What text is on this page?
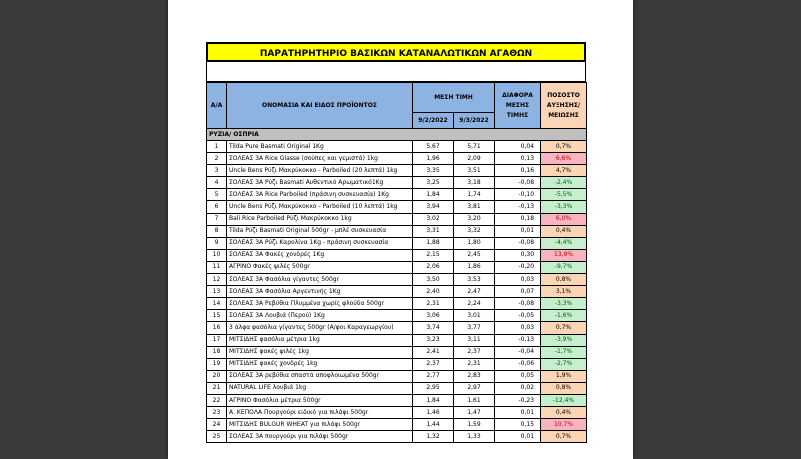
ΠΑΡΑΤΗΡΗΤΗΡΙΟ ΒΑΣΙΚΩΝ ΚΑΤΑΝΑΛΩΤΙΚΩΝ ΑΓΑΘΩΝ
Α/Α	ΟΝΟΜΑΣΙΑ ΚΑΙ ΕΙΔΟΣ ΠΡΟΪΟΝΤΟΣ	ΜΕΣΗ ΤΙΜΗ		ΔΙΑΦΟΡΑ ΜΕΣΗΣ ΤΙΜΗΣ	ΠΟΣΟΣΤΟ ΑΥΞΗΣΗΣ/ ΜΕΙΩΣΗΣ
		9/2/2022	9/3/2022		
ΡΥΖΙΑ/ ΟΣΠΡΙΑ					
1	Tilda Pure Basmati Original 1Kg	5,67	5,71	0,04	0,7%
2	ΣΟΛΕΑΣ 3Α Rice Glasse (σούπες και γεμιστά) 1kg	1,96	2,09	0,13	6,6%
3	Uncle Bens Ρύζι Μακρύκοκκο - Parboiled (20 λεπτά) 1kg	3,35	3,51	0,16	4,7%
4	ΣΟΛΕΑΣ 3Α Ρύζι Basmati Αυθεντικό Αρωματικό1Kg	3,25	3,18	-0,08	-2,4%
5	ΣΟΛΕΑΣ 3Α Rice Parboiled (πράσινη συσκευασία) 1Kg	1,84	1,74	-0,10	-5,5%
6	Uncle Bens Ρύζι Μακρύκοκκο - Parboiled (10 λεπτά) 1kg	3,94	3,81	-0,13	-3,3%
7	Bali Rice Parboiled Ρύζι Μακρύκοκκο 1kg	3,02	3,20	0,18	6,0%
8	Tilda Ρύζι Basmati Original 500gr - μπλέ συσκευασία	3,31	3,32	0,01	0,4%
9	ΣΟΛΕΑΣ 3Α Ρύζι Καρολίνα 1Kg - πράσινη συσκευασία	1,88	1,80	-0,08	-4,4%
10	ΣΟΛΕΑΣ 3Α Φακές χονδρές 1Kg	2,15	2,45	0,30	13,9%
11	ΑΓΡΙΝΟ Φακές ψιλές 500gr	2,06	1,86	-0,20	-9,7%
12	ΣΟΛΕΑΣ 3Α Φασόλια γίγαντες 500gr	3,50	3,53	0,03	0,8%
13	ΣΟΛΕΑΣ 3Α Φασόλια Αργεντινής 1Kg	2,40	2,47	0,07	3,1%
14	ΣΟΛΕΑΣ 3Α Ρεβύθια Πλυμμένα χωρίς φλούδα 500gr	2,31	2,24	-0,08	-3,3%
15	ΣΟΛΕΑΣ 3Α Λουβιά (Περού) 1Kg	3,06	3,01	-0,05	-1,6%
16	3 άλφα φασόλια γίγαντες 500gr (Α/φοι Καραγεωργίου)	3,74	3,77	0,03	0,7%
17	ΜΙΤΣΙΔΗΣ φασόλια μέτρια 1kg	3,23	3,11	-0,13	-3,9%
18	ΜΙΤΣΙΔΗΣ φακές ψιλές 1kg	2,41	2,37	-0,04	-1,7%
19	ΜΙΤΣΙΔΗΣ φακές χονδρές 1kg	2,37	2,31	-0,06	-2,7%
20	ΣΟΛΕΑΣ 3Α ρεβύθια σπαστά αποφλοιωμένα 500gr	2,77	2,83	0,05	1,9%
21	NATURAL LIFE λουβιά 1kg	2,95	2,97	0,02	0,8%
22	ΑΓΡΙΝΟ Φασόλια μέτρια 500gr	1,84	1,61	-0,23	-12,4%
23	Α. ΚΕΠΟΛΑ Πουργούρι ειδικό για πιλάφι 500gr	1,46	1,47	0,01	0,4%
24	ΜΙΤΣΙΔΗΣ BULGUR WHEAT για πιλάφι 500gr	1,44	1,59	0,15	10,7%
25	ΣΟΛΕΑΣ 3Α πουργούρι για πιλάφι 500gr	1,32	1,33	0,01	0,7%
